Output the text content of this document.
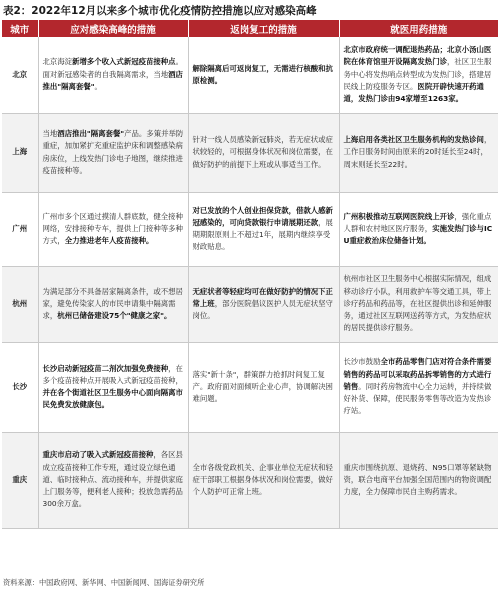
表2：2022年12月以来多个城市优化疫情防控措施以应对感染高峰
城市	应对感染高峰的措施	返岗复工的措施	就医用药措施
北京	北京海淀新增多个收入式新冠疫苗接种点。面对新冠感染者的自我隔离需求，当地酒店推出"隔离套餐"。	解除隔离后可返岗复工，无需进行核酸和抗原检测。	北京市政府统一调配退热药品；北京小汤山医院在体育馆里开设隔离发热门诊，社区卫生服务中心将发热哨点转型成为发热门诊，搭建居民线上防疫服务专区。医院开辟快速开药通道，发热门诊由94家增至1263家。
上海	当地酒店推出"隔离套餐"产品。多策并举防重症，加加紧扩充重症监护床和调整感染病房床位，上线发热门诊电子地图，继续推进疫苗接种等。	针对一线人员感染新冠肺炎，若无症状或症状较轻的，可根据身体状况和岗位需要，在做好防护的前提下上班或从事适当工作。	上海启用各类社区卫生服务机构的发热诊间，工作日服务时间由原来的20时延长至24时，周末则延长至22时。
广州	广州市多个区通过摸清人群底数，健全接种网络，安排接种专车，提供上门接种等多种方式，全力推进老年人疫苗接种。	对已发放的个人创业担保贷款，借款人感新冠感染的，可向贷款银行申请展期还款，展期期限原则上不超过1年，展期内继续享受财政贴息。	广州积极推动互联网医院线上开诊，强化重点人群和农村地区医疗服务，实施发热门诊与ICU重症救治床位储备计划。
杭州	为满足部分不具备居家隔离条件，或不想居家，避免传染家人的市民申请集中隔离需求，杭州已储备建设75个"健康之家"。	无症状者等轻症均可在做好防护的情况下正常上班，部分医院倡议医护人员无症状坚守岗位。	杭州市社区卫生服务中心根据实际情况，组成移动诊疗小队，利用救护车等交通工具，带上诊疗药品和药品等，在社区提供出诊和延伸服务，通过社区互联网送药等方式，为发热症状的居民提供诊疗服务。
长沙	长沙启动新冠疫苗二剂次加强免费接种，在多个疫苗接种点开展吸入式新冠疫苗接种，并在各个街道社区卫生服务中心面向隔离市民免费发放健康包。	落实"新十条"，群策群力抢抓时间复工复产。政府面对面倾听企业心声，协调解决困难问题。	长沙市鼓励全市药品零售门店对符合条件需要销售的药品可以采取药品拆零销售的方式进行销售。同时药房物流中心全力运转，并持续做好补货、保障，使民服务零售等改造为发热诊疗站。
重庆	重庆市启动了吸入式新冠疫苗接种，各区县成立疫苗接种工作专班，通过设立绿色通道、临时接种点、流动接种车，并提供家庭上门服务等，便利老人接种；投放急需药品300余万盒。	全市各级党政机关、企事业单位无症状和轻症干部职工根据身体状况和岗位需要，做好个人防护可正常上班。	重庆市围绕抗原、退烧药、N95口罩等紧缺物资，联合电商平台加强全国范围内的物资调配力度，全力保障市民自主购药需求。
资料来源：中国政府网、新华网、中国新闻网、国海证券研究所
